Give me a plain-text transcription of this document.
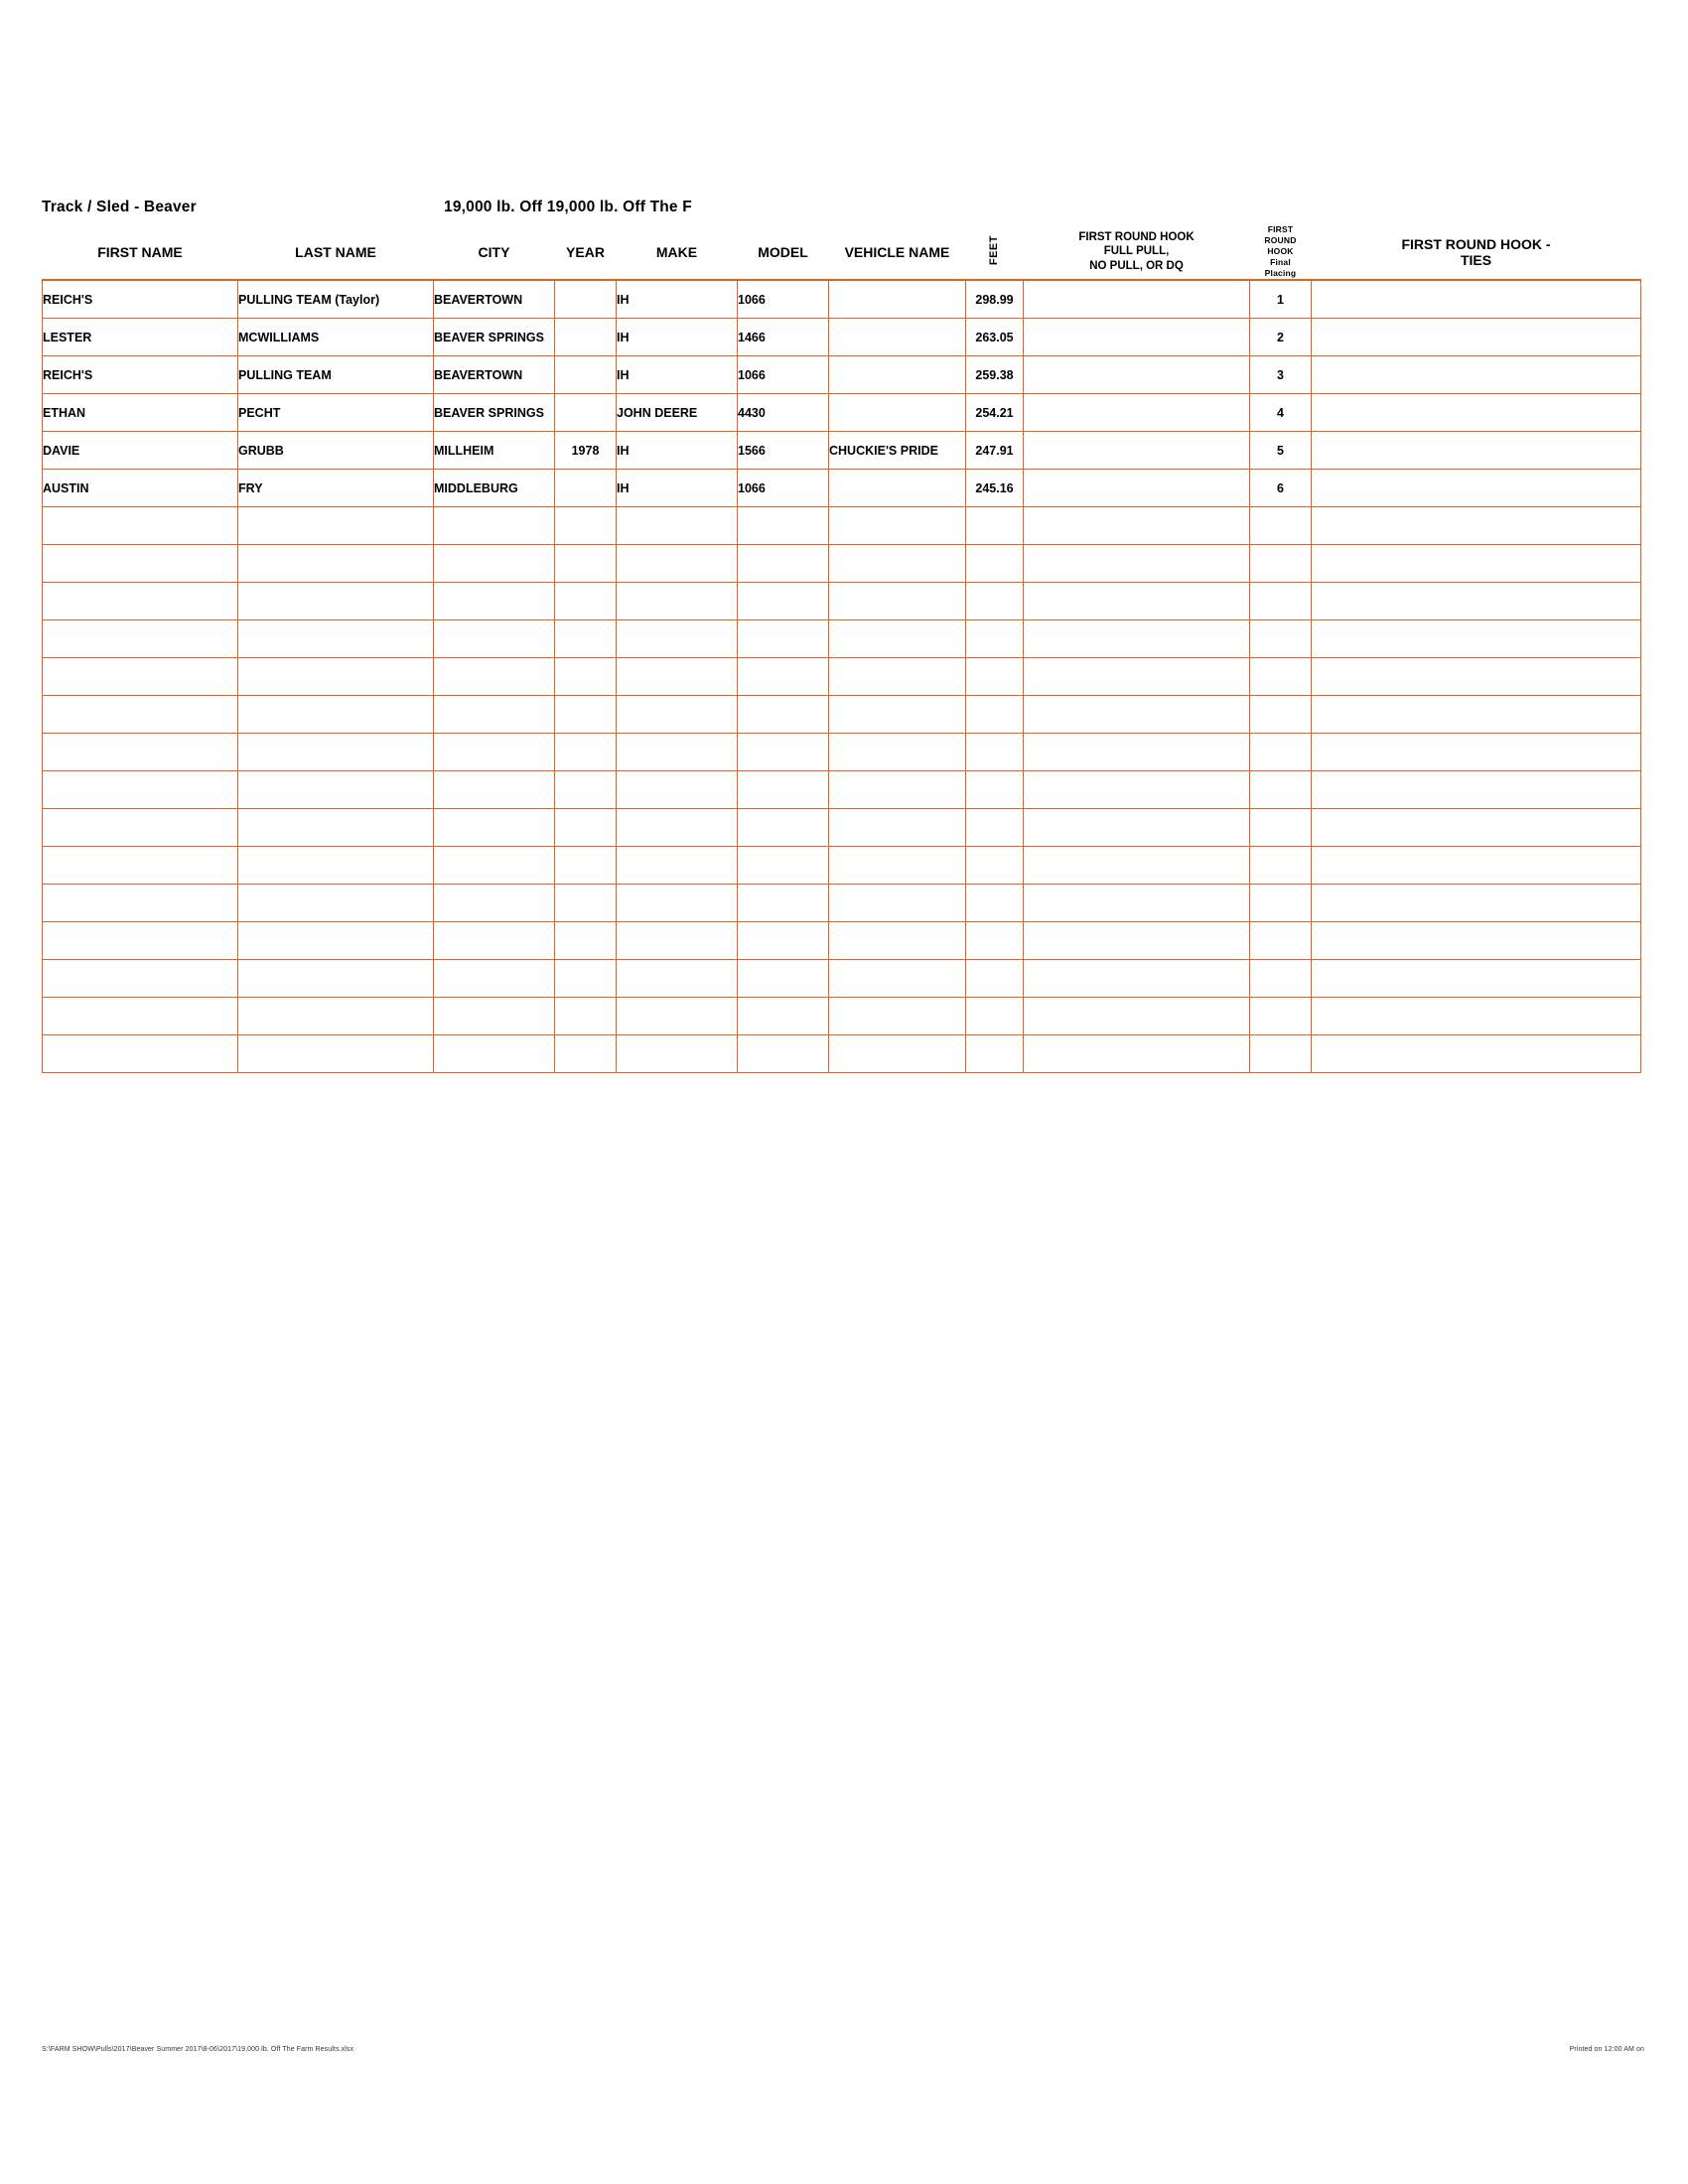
Track / Sled - Beaver	19,000 lb. Off 19,000 lb. Off The F
FIRST NAME	LAST NAME	CITY	YEAR	MAKE	MODEL	VEHICLE NAME	FEET	FIRST ROUND HOOK
FULL PULL,
NO PULL, OR DQ

FIRST
ROUND
HOOK
Final
Placing

FIRST ROUND HOOK -
TIES

REICH'S	PULLING TEAM (Taylor)	BEAVERTOWN		IH	1066		298.99		1	
LESTER	MCWILLIAMS	BEAVER SPRINGS		IH	1466		263.05		2	
REICH'S	PULLING TEAM	BEAVERTOWN		IH	1066		259.38		3	
ETHAN	PECHT	BEAVER SPRINGS		JOHN DEERE	4430		254.21		4	
DAVIE	GRUBB	MILLHEIM	1978	IH	1566	CHUCKIE'S PRIDE	247.91		5	
AUSTIN	FRY	MIDDLEBURG		IH	1066		245.16		6	

S:\FARM SHOW\Pulls\2017\Beaver Summer 2017\8-06\2017\19,000 lb. Off The Farm Results.xlsx	Printed on 12:00 AM on
